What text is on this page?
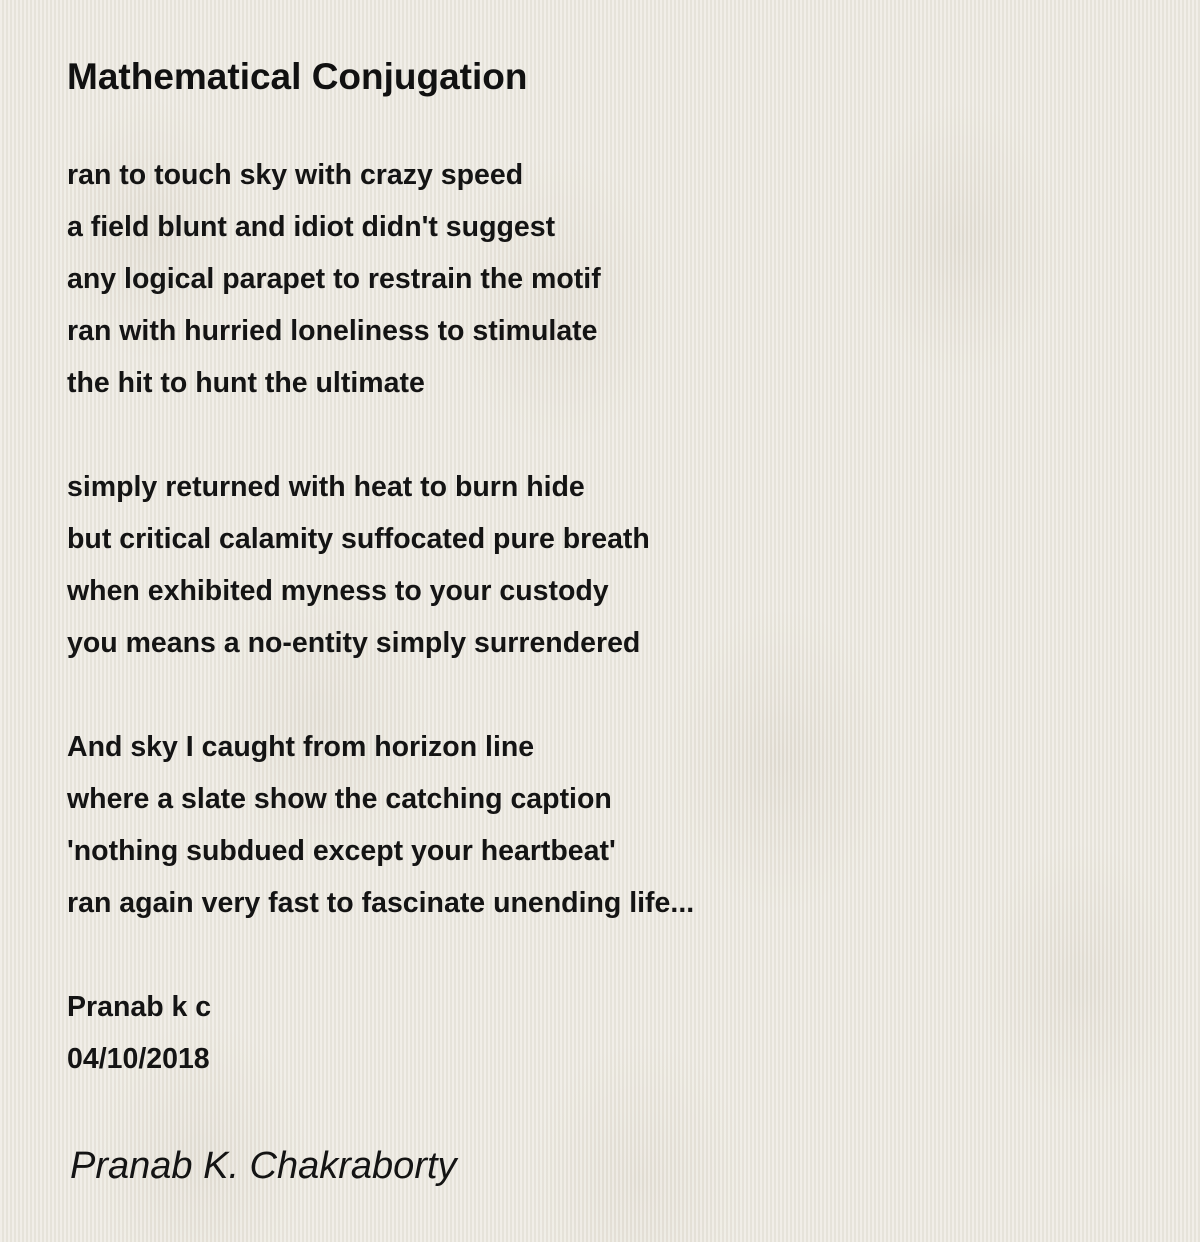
Mathematical Conjugation
ran to touch sky with crazy speed
a field blunt and idiot didn't suggest
any logical parapet to restrain the motif
ran with hurried loneliness to stimulate
the hit to hunt the ultimate
simply returned with heat to burn hide
but critical calamity suffocated pure breath
when exhibited myness to your custody
you means a no-entity simply surrendered
And sky I caught from horizon line
where a slate show the catching caption
'nothing subdued except your heartbeat'
ran again very fast to fascinate unending life...
Pranab k c
04/10/2018
Pranab K. Chakraborty
